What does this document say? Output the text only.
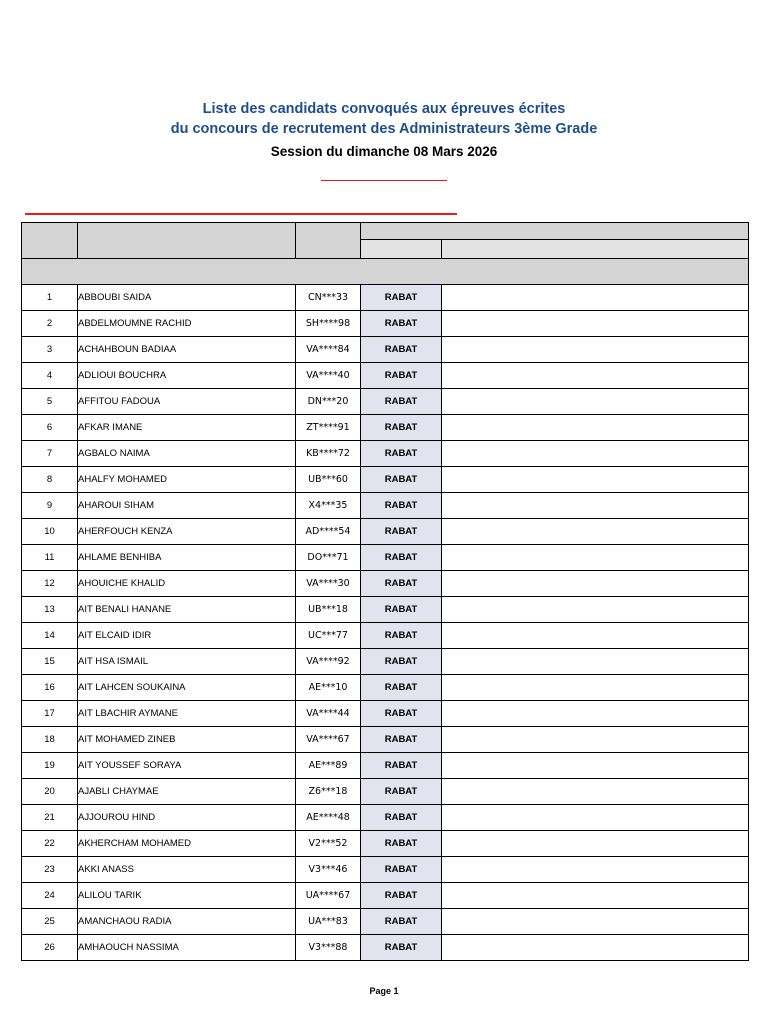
Liste des candidats convoqués aux épreuves écrites
du concours de recrutement des Administrateurs 3ème Grade
Session du dimanche 08 Mars 2026

1	ABBOUBI SAIDA	CN***33	RABAT	
2	ABDELMOUMNE RACHID	SH****98	RABAT	
3	ACHAHBOUN BADIAA	VA****84	RABAT	
4	ADLIOUI BOUCHRA	VA****40	RABAT	
5	AFFITOU FADOUA	DN***20	RABAT	
6	AFKAR IMANE	ZT****91	RABAT	
7	AGBALO NAIMA	KB****72	RABAT	
8	AHALFY MOHAMED	UB***60	RABAT	
9	AHAROUI SIHAM	X4***35	RABAT	
10	AHERFOUCH KENZA	AD****54	RABAT	
11	AHLAME BENHIBA	DO***71	RABAT	
12	AHOUICHE KHALID	VA****30	RABAT	
13	AIT BENALI HANANE	UB***18	RABAT	
14	AIT ELCAID IDIR	UC***77	RABAT	
15	AIT HSA ISMAIL	VA****92	RABAT	
16	AIT LAHCEN SOUKAINA	AE***10	RABAT	
17	AIT LBACHIR AYMANE	VA****44	RABAT	
18	AIT MOHAMED ZINEB	VA****67	RABAT	
19	AIT YOUSSEF SORAYA	AE***89	RABAT	
20	AJABLI CHAYMAE	Z6***18	RABAT	
21	AJJOUROU HIND	AE****48	RABAT	
22	AKHERCHAM MOHAMED	V2***52	RABAT	
23	AKKI ANASS	V3***46	RABAT	
24	ALILOU TARIK	UA****67	RABAT	
25	AMANCHAOU RADIA	UA***83	RABAT	
26	AMHAOUCH NASSIMA	V3***88	RABAT	
Page 1
